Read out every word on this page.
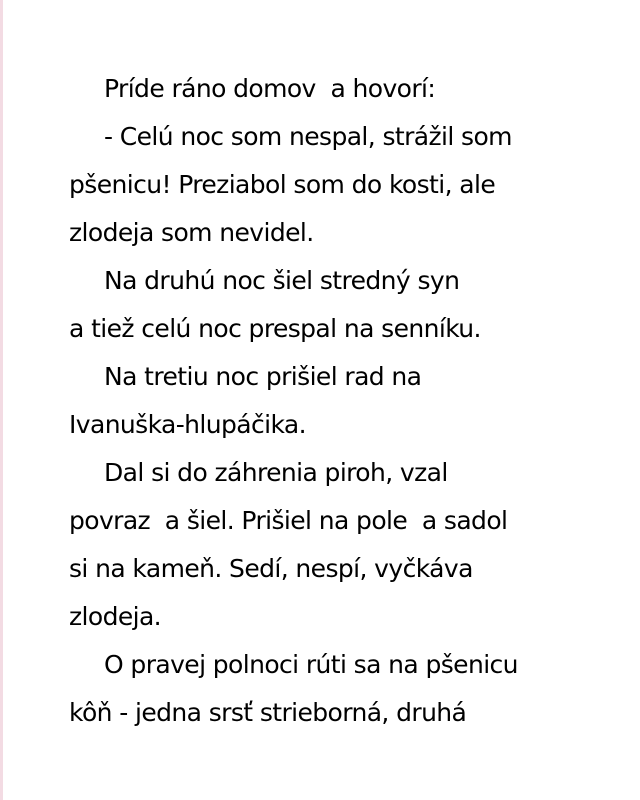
Príde ráno domov  a hovorí:
- Celú noc som nespal, strážil som
pšenicu! Preziabol som do kosti, ale
zlodeja som nevidel.
Na druhú noc šiel stredný syn
a tiež celú noc prespal na senníku.
Na tretiu noc prišiel rad na
Ivanuška-hlupáčika.
Dal si do záhrenia piroh, vzal
povraz  a šiel. Prišiel na pole  a sadol
si na kameň. Sedí, nespí, vyčkáva
zlodeja.
O pravej polnoci rúti sa na pšenicu
kôň - jedna srsť strieborná, druhá
